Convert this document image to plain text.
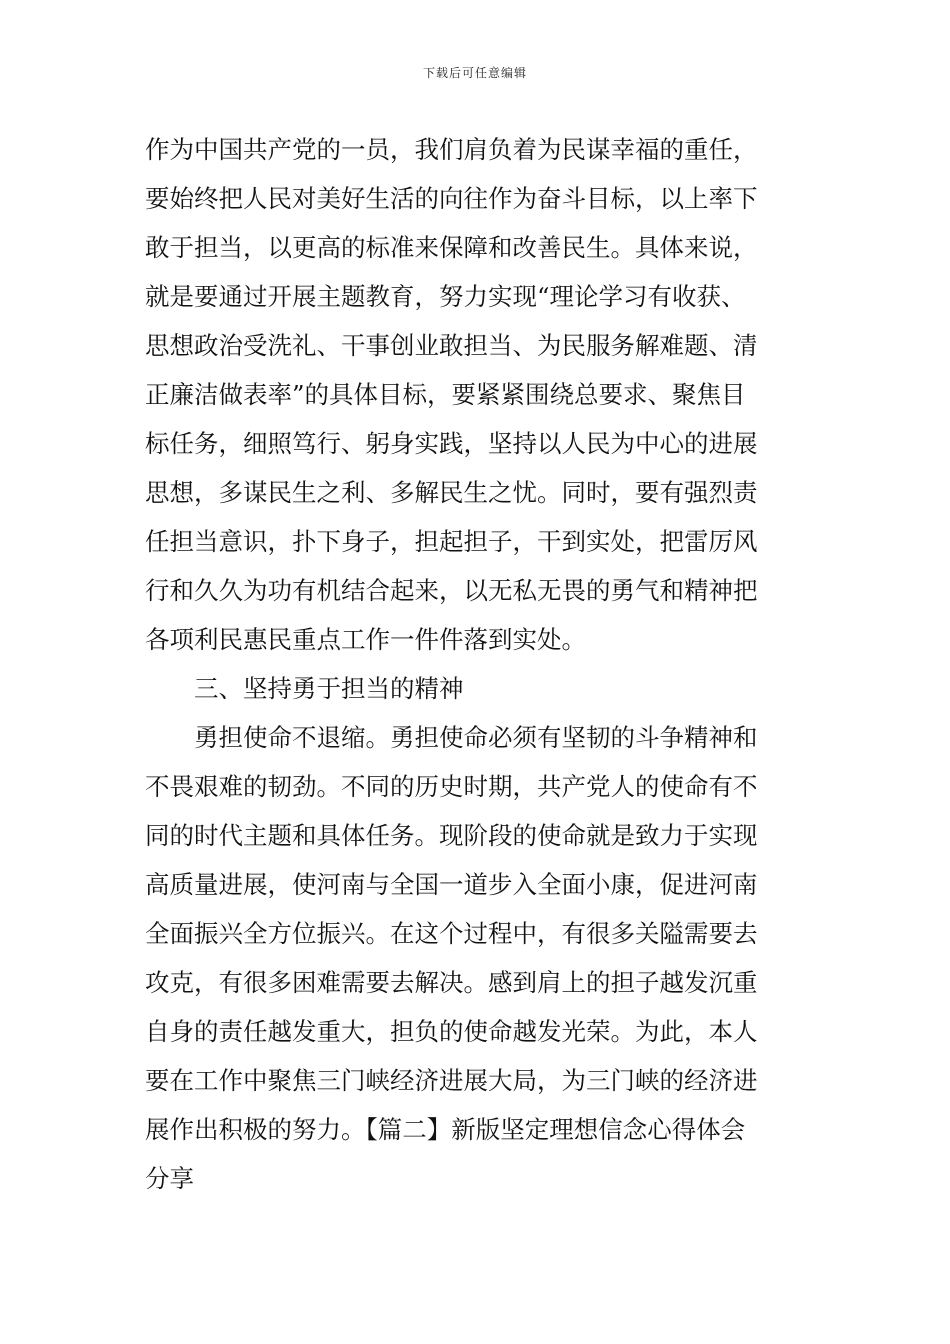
下载后可任意编辑
作为中国共产党的一员，我们肩负着为民谋幸福的重任，
要始终把人民对美好生活的向往作为奋斗目标，以上率下
敢于担当，以更高的标准来保障和改善民生。具体来说，
就是要通过开展主题教育，努力实现“理论学习有收获、
思想政治受洗礼、干事创业敢担当、为民服务解难题、清
正廉洁做表率”的具体目标，要紧紧围绕总要求、聚焦目
标任务，细照笃行、躬身实践，坚持以人民为中心的进展
思想，多谋民生之利、多解民生之忧。同时，要有强烈责
任担当意识，扑下身子，担起担子，干到实处，把雷厉风
行和久久为功有机结合起来，以无私无畏的勇气和精神把
各项利民惠民重点工作一件件落到实处。
三、坚持勇于担当的精神
勇担使命不退缩。勇担使命必须有坚韧的斗争精神和
不畏艰难的韧劲。不同的历史时期，共产党人的使命有不
同的时代主题和具体任务。现阶段的使命就是致力于实现
高质量进展，使河南与全国一道步入全面小康，促进河南
全面振兴全方位振兴。在这个过程中，有很多关隘需要去
攻克，有很多困难需要去解决。感到肩上的担子越发沉重
自身的责任越发重大，担负的使命越发光荣。为此，本人
要在工作中聚焦三门峡经济进展大局，为三门峡的经济进
展作出积极的努力。【篇二】新版坚定理想信念心得体会
分享
